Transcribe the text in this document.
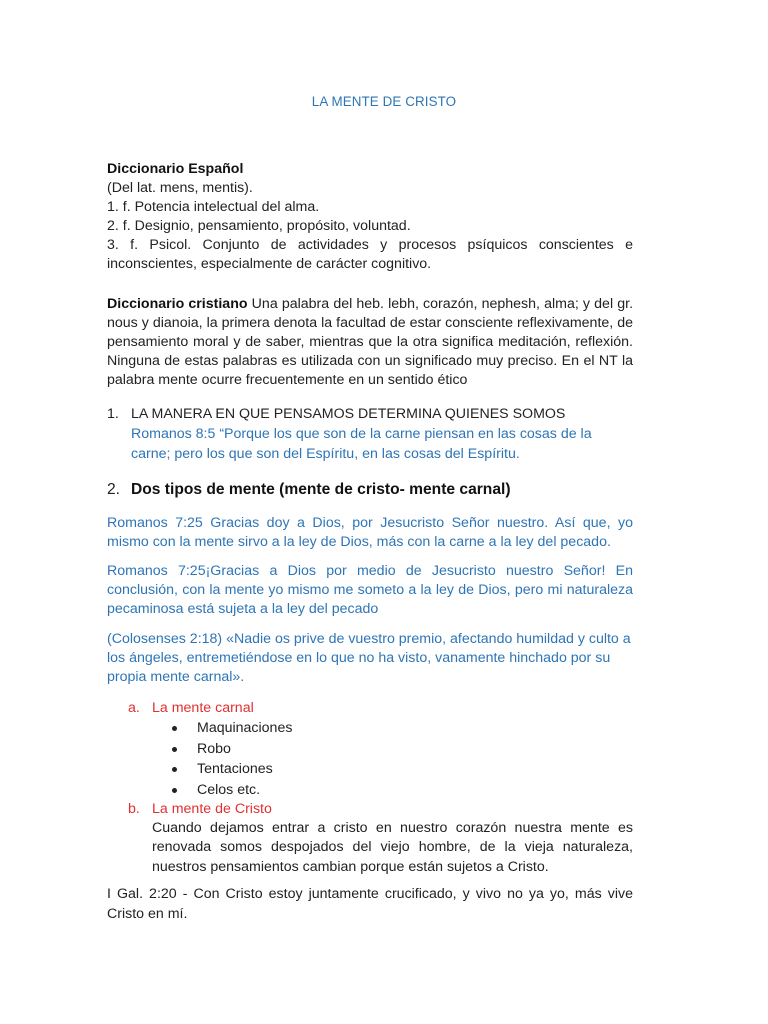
LA MENTE DE CRISTO
Diccionario Español
(Del lat. mens, mentis).
1. f. Potencia intelectual del alma.
2. f. Designio, pensamiento, propósito, voluntad.
3. f. Psicol. Conjunto de actividades y procesos psíquicos conscientes e inconscientes, especialmente de carácter cognitivo.
Diccionario cristiano Una palabra del heb. lebh, corazón, nephesh, alma; y del gr. nous y dianoia, la primera denota la facultad de estar consciente reflexivamente, de pensamiento moral y de saber, mientras que la otra significa meditación, reflexión. Ninguna de estas palabras es utilizada con un significado muy preciso. En el NT la palabra mente ocurre frecuentemente en un sentido ético
1. LA MANERA EN QUE PENSAMOS DETERMINA QUIENES SOMOS
Romanos 8:5 “Porque los que son de la carne piensan en las cosas de la carne; pero los que son del Espíritu, en las cosas del Espíritu.
2. Dos tipos de mente (mente de cristo- mente carnal)
Romanos 7:25 Gracias doy a Dios, por Jesucristo Señor nuestro. Así que, yo mismo con la mente sirvo a la ley de Dios, más con la carne a la ley del pecado.
Romanos 7:25¡Gracias a Dios por medio de Jesucristo nuestro Señor! En conclusión, con la mente yo mismo me someto a la ley de Dios, pero mi naturaleza pecaminosa está sujeta a la ley del pecado
(Colosenses 2:18) «Nadie os prive de vuestro premio, afectando humildad y culto a los ángeles, entremetiéndose en lo que no ha visto, vanamente hinchado por su propia mente carnal».
a. La mente carnal
Maquinaciones
Robo
Tentaciones
Celos etc.
b. La mente de Cristo
Cuando dejamos entrar a cristo en nuestro corazón nuestra mente es renovada somos despojados del viejo hombre, de la vieja naturaleza, nuestros pensamientos cambian porque están sujetos a Cristo.
I Gal. 2:20 - Con Cristo estoy juntamente crucificado, y vivo no ya yo, más vive Cristo en mí.
